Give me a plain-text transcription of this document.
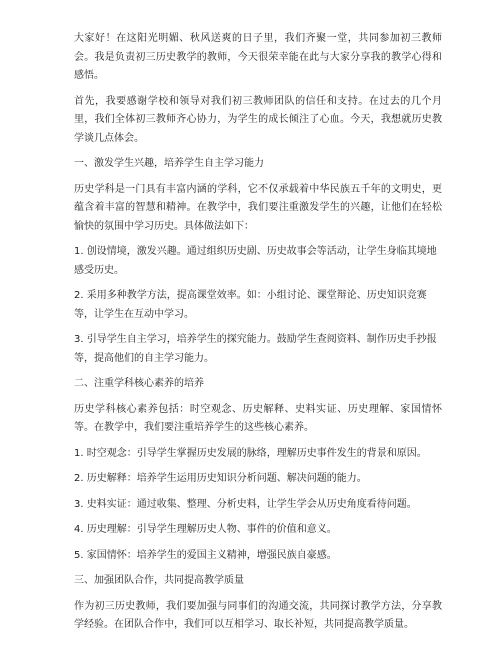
大家好！在这阳光明媚、秋风送爽的日子里，我们齐聚一堂，共同参加初三教师会。我是负责初三历史教学的教师，今天很荣幸能在此与大家分享我的教学心得和感悟。

首先，我要感谢学校和领导对我们初三教师团队的信任和支持。在过去的几个月里，我们全体初三教师齐心协力，为学生的成长倾注了心血。今天，我想就历史教学谈几点体会。

一、激发学生兴趣，培养学生自主学习能力

历史学科是一门具有丰富内涵的学科，它不仅承载着中华民族五千年的文明史，更蕴含着丰富的智慧和精神。在教学中，我们要注重激发学生的兴趣，让他们在轻松愉快的氛围中学习历史。具体做法如下：

1. 创设情境，激发兴趣。通过组织历史剧、历史故事会等活动，让学生身临其境地感受历史。

2. 采用多种教学方法，提高课堂效率。如：小组讨论、课堂辩论、历史知识竞赛等，让学生在互动中学习。

3. 引导学生自主学习，培养学生的探究能力。鼓励学生查阅资料、制作历史手抄报等，提高他们的自主学习能力。

二、注重学科核心素养的培养

历史学科核心素养包括：时空观念、历史解释、史料实证、历史理解、家国情怀等。在教学中，我们要注重培养学生的这些核心素养。

1. 时空观念：引导学生掌握历史发展的脉络，理解历史事件发生的背景和原因。

2. 历史解释：培养学生运用历史知识分析问题、解决问题的能力。

3. 史料实证：通过收集、整理、分析史料，让学生学会从历史角度看待问题。

4. 历史理解：引导学生理解历史人物、事件的价值和意义。

5. 家国情怀：培养学生的爱国主义精神，增强民族自豪感。

三、加强团队合作，共同提高教学质量

作为初三历史教师，我们要加强与同事们的沟通交流，共同探讨教学方法，分享教学经验。在团队合作中，我们可以互相学习、取长补短，共同提高教学质量。
